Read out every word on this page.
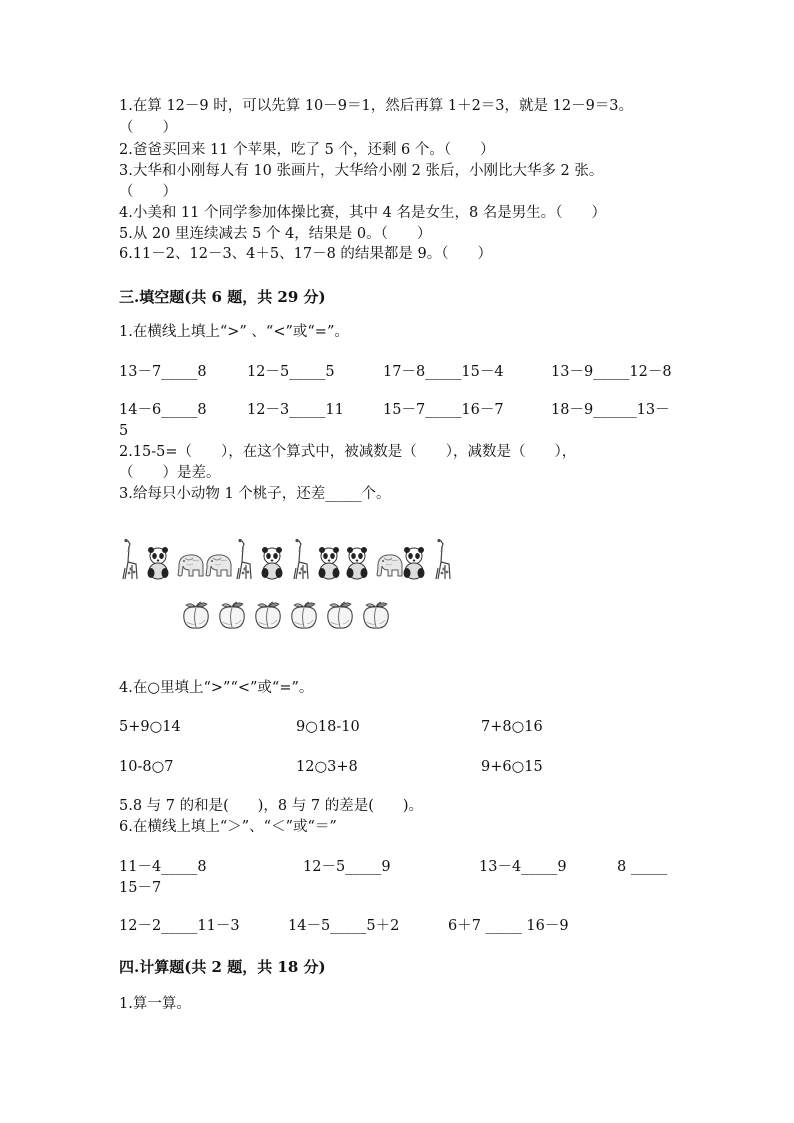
1.在算 12－9 时，可以先算 10－9＝1，然后再算 1＋2＝3，就是 12－9＝3。
（　　）
2.爸爸买回来 11 个苹果，吃了 5 个，还剩 6 个。（　　）
3.大华和小刚每人有 10 张画片，大华给小刚 2 张后，小刚比大华多 2 张。
（　　）
4.小美和 11 个同学参加体操比赛，其中 4 名是女生，8 名是男生。（　　）
5.从 20 里连续减去 5 个 4，结果是 0。（　　）
6.11－2、12－3、4＋5、17－8 的结果都是 9。（　　）
三.填空题(共 6 题，共 29 分)
1.在横线上填上“>” 、“<”或“=”。
13－7_____8	12－5_____5	17－8_____15－4	13－9_____12－8
14－6_____8	12－3_____11	15－7_____16－7	18－9______13－
5
2.15-5=（　　），在这个算式中，被减数是（　　），减数是（　　），
（　　）是差。
3.给每只小动物 1 个桃子，还差_____个。
4.在○里填上“>”“<”或“=”。
5+9○14	9○18-10	7+8○16
10-8○7	12○3+8	9+6○15
5.8 与 7 的和是(　　)，8 与 7 的差是(　　)。
6.在横线上填上“＞”、“＜”或“＝”
11－4_____8	12－5_____9	13－4_____9	8 _____
15－7
12－2_____11－3	14－5_____5＋2	6＋7 _____ 16－9
四.计算题(共 2 题，共 18 分)
1.算一算。
